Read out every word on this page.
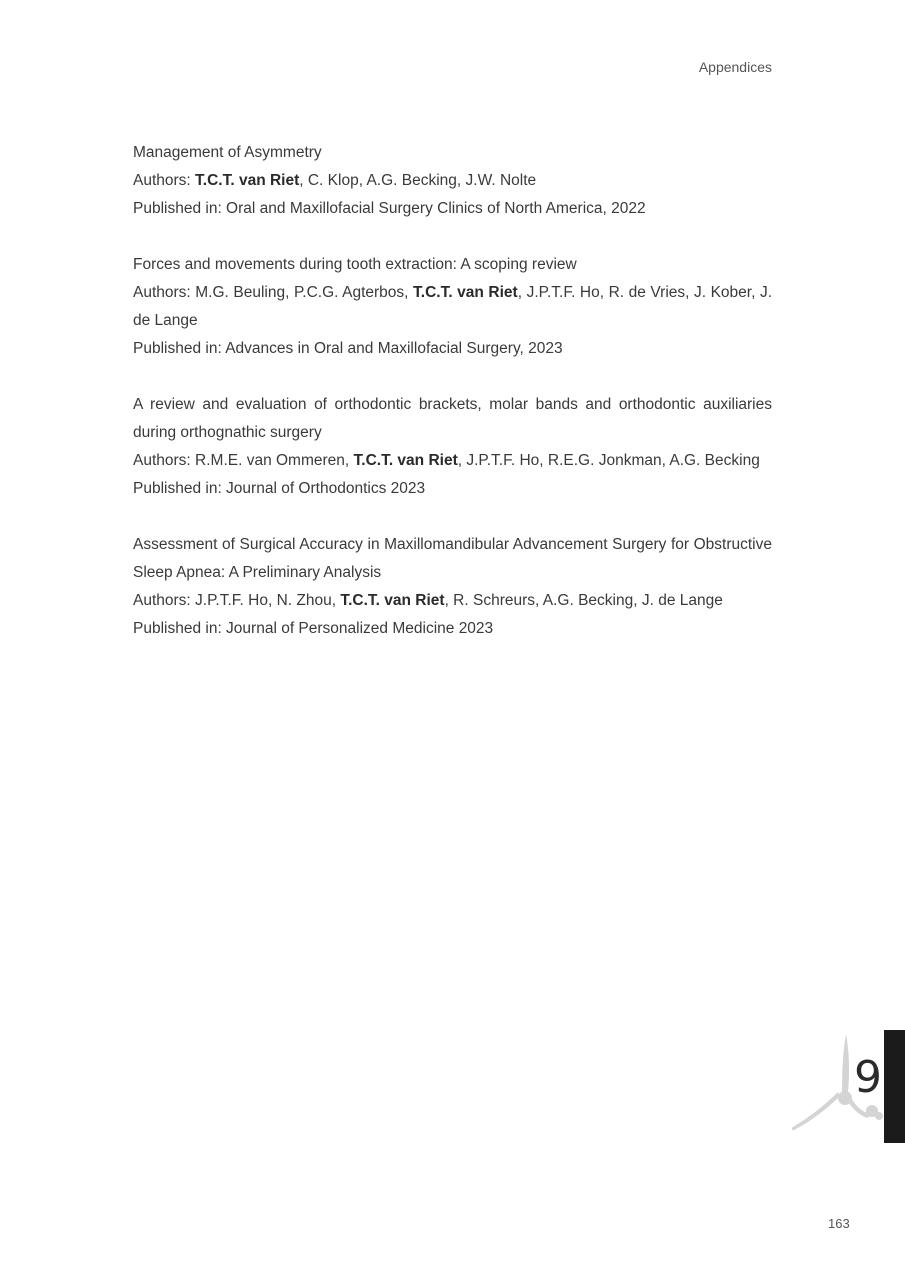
Appendices
Management of Asymmetry
Authors: T.C.T. van Riet, C. Klop, A.G. Becking, J.W. Nolte
Published in: Oral and Maxillofacial Surgery Clinics of North America, 2022
Forces and movements during tooth extraction: A scoping review
Authors: M.G. Beuling, P.C.G. Agterbos, T.C.T. van Riet, J.P.T.F. Ho, R. de Vries, J. Kober, J. de Lange
Published in: Advances in Oral and Maxillofacial Surgery, 2023
A review and evaluation of orthodontic brackets, molar bands and orthodontic auxiliaries during orthognathic surgery
Authors: R.M.E. van Ommeren, T.C.T. van Riet, J.P.T.F. Ho, R.E.G. Jonkman, A.G. Becking
Published in: Journal of Orthodontics 2023
Assessment of Surgical Accuracy in Maxillomandibular Advancement Surgery for Obstructive Sleep Apnea: A Preliminary Analysis
Authors: J.P.T.F. Ho, N. Zhou, T.C.T. van Riet, R. Schreurs, A.G. Becking, J. de Lange
Published in: Journal of Personalized Medicine 2023
9
163
